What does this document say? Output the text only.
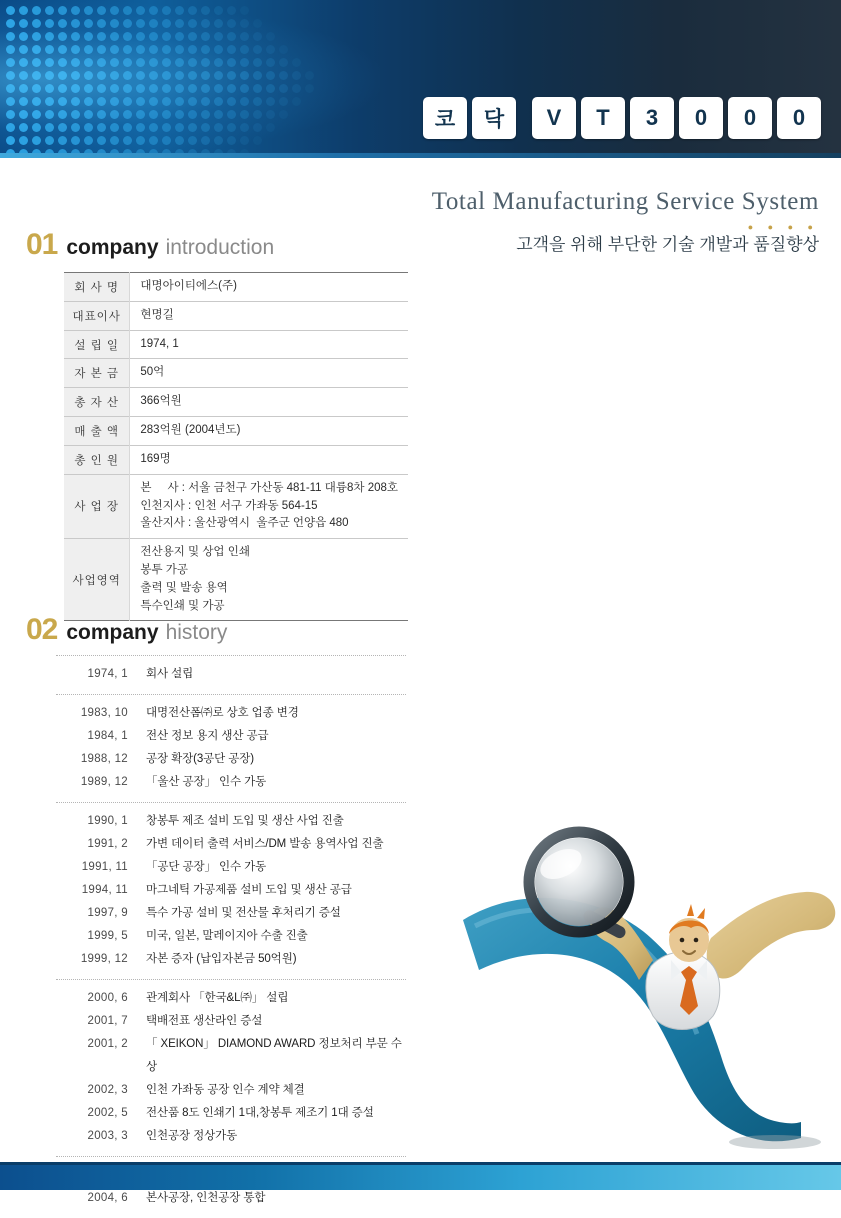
코	닥	V	T	3	0	0	0
Total Manufacturing Service System
● ● ● ●
고객을 위해 부단한 기술 개발과 품질향상
01 company introduction
회 사 명	대명아이티에스(주)

대표이사	현명길

설 립 일	1974, 1

자 본 금	50억

총 자 산	366억원

매 출 액	283억원 (2004년도)

총 인 원	169명

사 업 장	본     사 : 서울 금천구 가산동 481-11 대륭8차 208호
인천지사 : 인천 서구 가좌동 564-15
울산지사 : 울산광역시  울주군 언양읍 480

사업영역	전산용지 및 상업 인쇄
봉투 가공
출력 및 발송 용역
특수인쇄 및 가공
02 company history
1974, 1	회사 설립
1983, 10	대명전산폼㈜로 상호 업종 변경
1984, 1	전산 정보 용지 생산 공급
1988, 12	공장 확장(3공단 공장)
1989, 12	「울산 공장」 인수 가동
1990, 1	창봉투 제조 설비 도입 및 생산 사업 진출
1991, 2	가변 데이터 출력 서비스/DM 발송 용역사업 진출
1991, 11	「공단 공장」 인수 가동
1994, 11	마그네틱 가공제품 설비 도입 및 생산 공급
1997, 9	특수 가공 설비 및 전산물 후처리기 증설
1999, 5	미국, 일본, 말레이지아 수출 진출
1999, 12	자본 증자 (납입자본금 50억원)
2000, 6	관계회사 「한국&L㈜」 설립
2001, 7	택배전표 생산라인 증설
2001, 2	「 XEIKON」 DIAMOND AWARD 정보처리 부문 수상
2002, 3	인천 가좌동 공장 인수 계약 체결
2002, 5	전산품 8도 인쇄기 1대,창봉투 제조기 1대 증설
2003, 3	인천공장 정상가동
2004, 6	본사공장, 인천공장 통합
